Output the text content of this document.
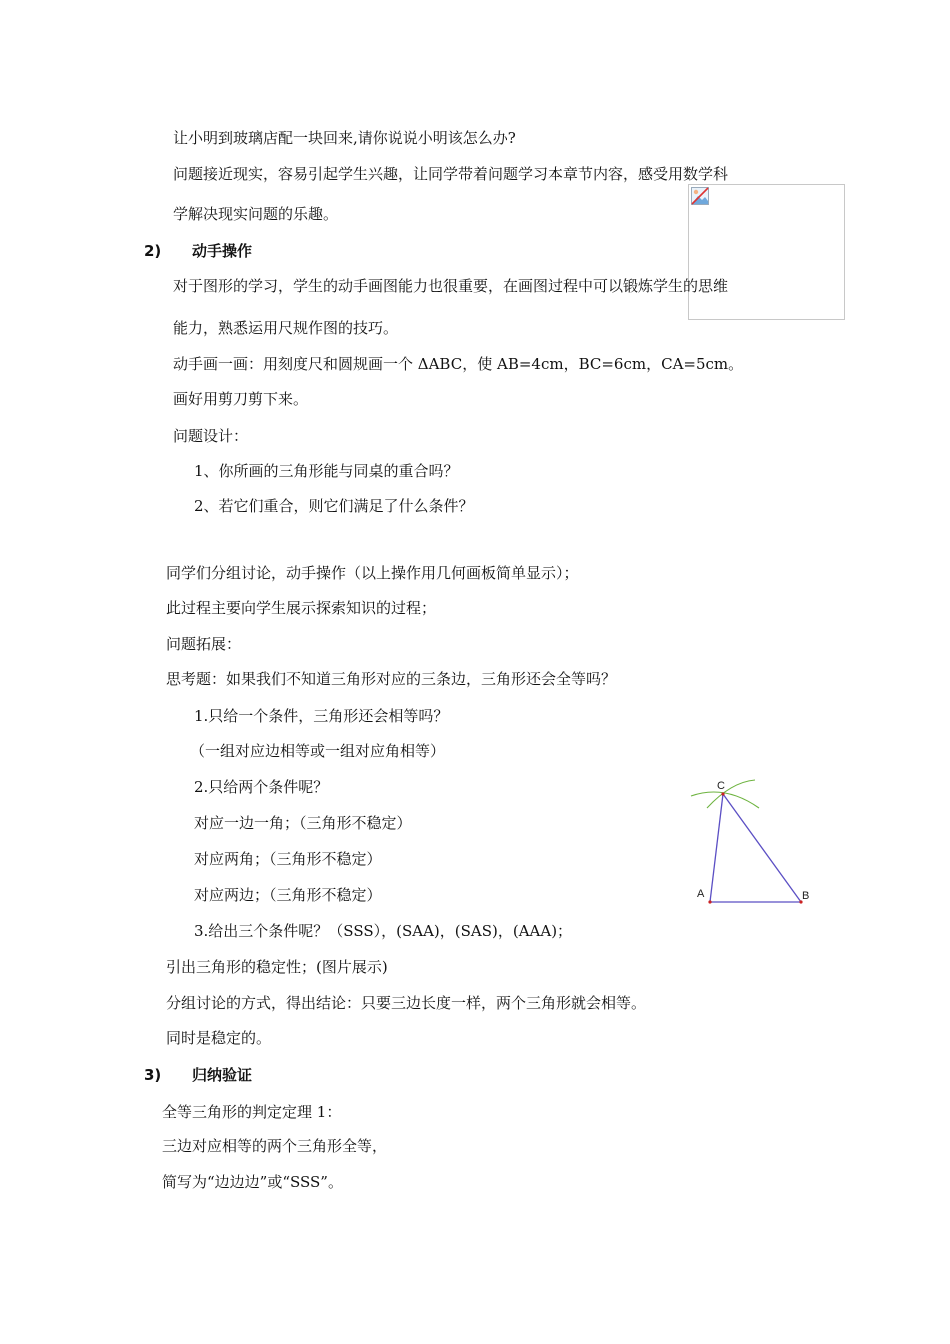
让小明到玻璃店配一块回来,请你说说小明该怎么办?
问题接近现实，容易引起学生兴趣，让同学带着问题学习本章节内容，感受用数学科
学解决现实问题的乐趣。
2) 动手操作
对于图形的学习，学生的动手画图能力也很重要，在画图过程中可以锻炼学生的思维
能力，熟悉运用尺规作图的技巧。
动手画一画：用刻度尺和圆规画一个 ΔABC，使 AB=4cm，BC=6cm，CA=5cm。
画好用剪刀剪下来。
问题设计：
1、你所画的三角形能与同桌的重合吗？
2、若它们重合，则它们满足了什么条件？
同学们分组讨论，动手操作（以上操作用几何画板简单显示）；
此过程主要向学生展示探索知识的过程；
问题拓展：
思考题：如果我们不知道三角形对应的三条边，三角形还会全等吗？
1.只给一个条件，三角形还会相等吗？
（一组对应边相等或一组对应角相等）
2.只给两个条件呢？
对应一边一角；（三角形不稳定）
对应两角；（三角形不稳定）
对应两边；（三角形不稳定）
3.给出三个条件呢？（SSS），(SAA)，(SAS)，(AAA)；
引出三角形的稳定性；(图片展示)
分组讨论的方式，得出结论：只要三边长度一样，两个三角形就会相等。
同时是稳定的。
3) 归纳验证
全等三角形的判定定理 1：
三边对应相等的两个三角形全等，
简写为“边边边”或“SSS”。
C
A	B
